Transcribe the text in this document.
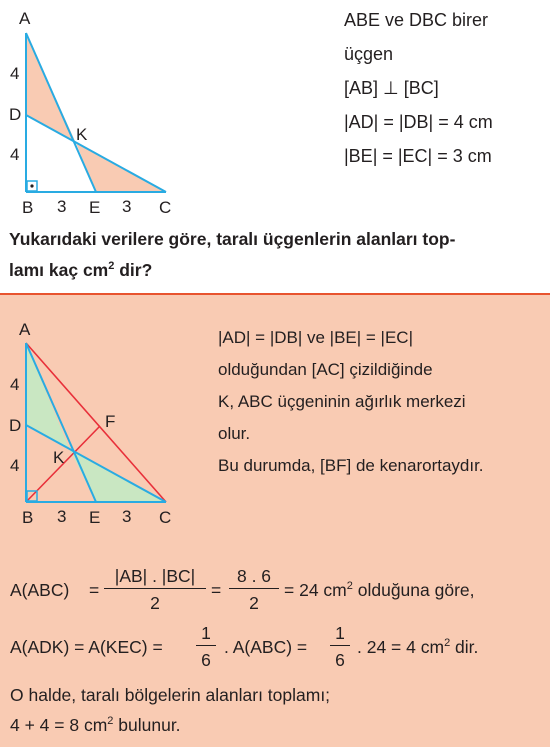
A
4
D
K
4
B 3 E 3 C
ABE ve DBC birer
üçgen
[AB] ⊥ [BC]
|AD| = |DB| = 4 cm
|BE| = |EC| = 3 cm
Yukarıdaki verilere göre, taralı üçgenlerin alanları top-
lamı kaç $cm^2$ dir?
A
4
D	F
K
4
B 3 E 3 C
|AD| = |DB| ve |BE| = |EC|
olduğundan [AC] çizildiğinde
K, ABC üçgeninin ağırlık merkezi
olur.
Bu durumda, [BF] de kenarortaydır.
$A(ABC) = \frac{|AB| . |BC|}{2} = \frac{8 . 6}{2} = 24$ $cm^2$ olduğuna göre,
$A(ADK) = A(KEC) = \frac{1}{6}$ . $A(ABC) = \frac{1}{6}$ . 24 = 4 $cm^2$ dir.
O halde, taralı bölgelerin alanları toplamı;
4 + 4 = 8 $cm^2$ bulunur.
